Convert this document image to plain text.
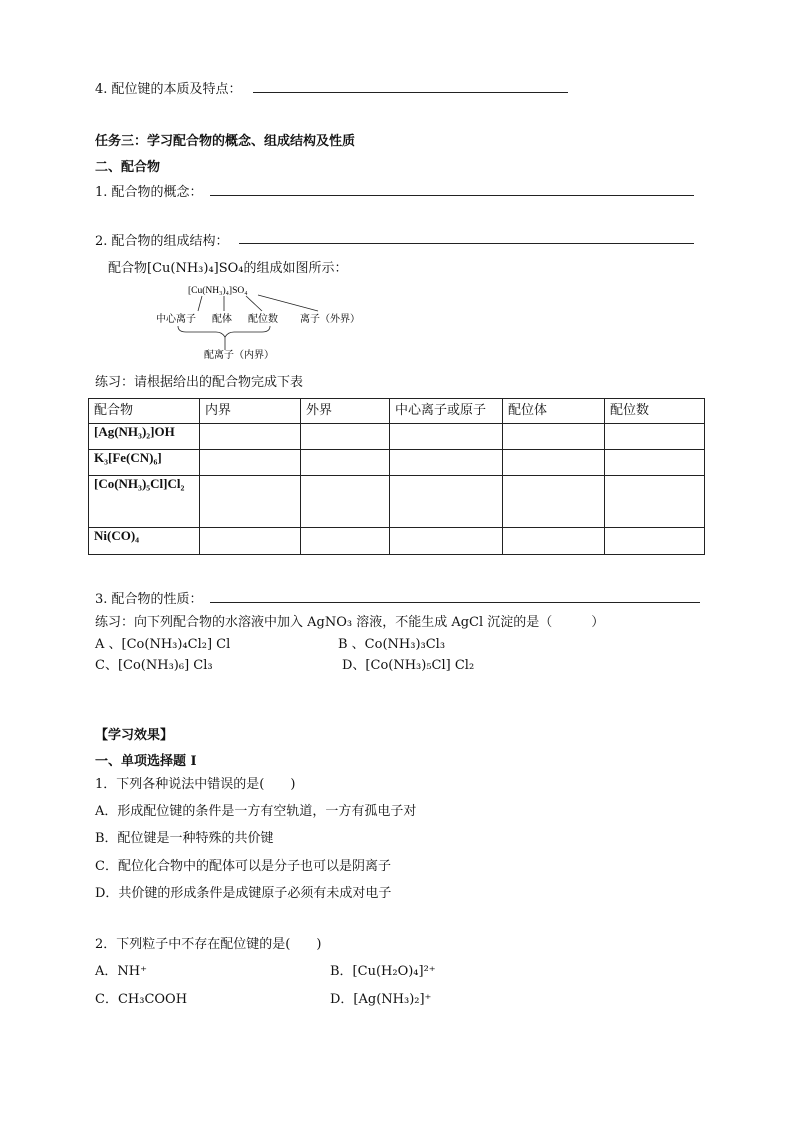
4. 配位键的本质及特点：
任务三：学习配合物的概念、组成结构及性质
二、配合物
1. 配合物的概念：
2. 配合物的组成结构：
配合物[Cu(NH₃)₄]SO₄的组成如图所示：
[Cu(NH₃)₄]SO₄
中心离子 配体 配位数 离子（外界）
配离子（内界）
练习：请根据给出的配合物完成下表
配合物	内界	外界	中心离子或原子	配位体	配位数
[Ag(NH₃)₂]OH					
K₃[Fe(CN)₆]					
[Co(NH₃)₅Cl]Cl₂					
Ni(CO)₄					
3. 配合物的性质：
练习：向下列配合物的水溶液中加入 AgNO₃ 溶液，不能生成 AgCl 沉淀的是（　　　）
A 、[Co(NH₃)₄Cl₂] Cl	B 、Co(NH₃)₃Cl₃
C、[Co(NH₃)₆] Cl₃	D、[Co(NH₃)₅Cl] Cl₂
【学习效果】
一、单项选择题 I
1．下列各种说法中错误的是(　　)
A．形成配位键的条件是一方有空轨道，一方有孤电子对
B．配位键是一种特殊的共价键
C．配位化合物中的配体可以是分子也可以是阴离子
D．共价键的形成条件是成键原子必须有未成对电子
2．下列粒子中不存在配位键的是(　　)
A．NH⁺	B．[Cu(H₂O)₄]²⁺
C．CH₃COOH	D．[Ag(NH₃)₂]⁺
